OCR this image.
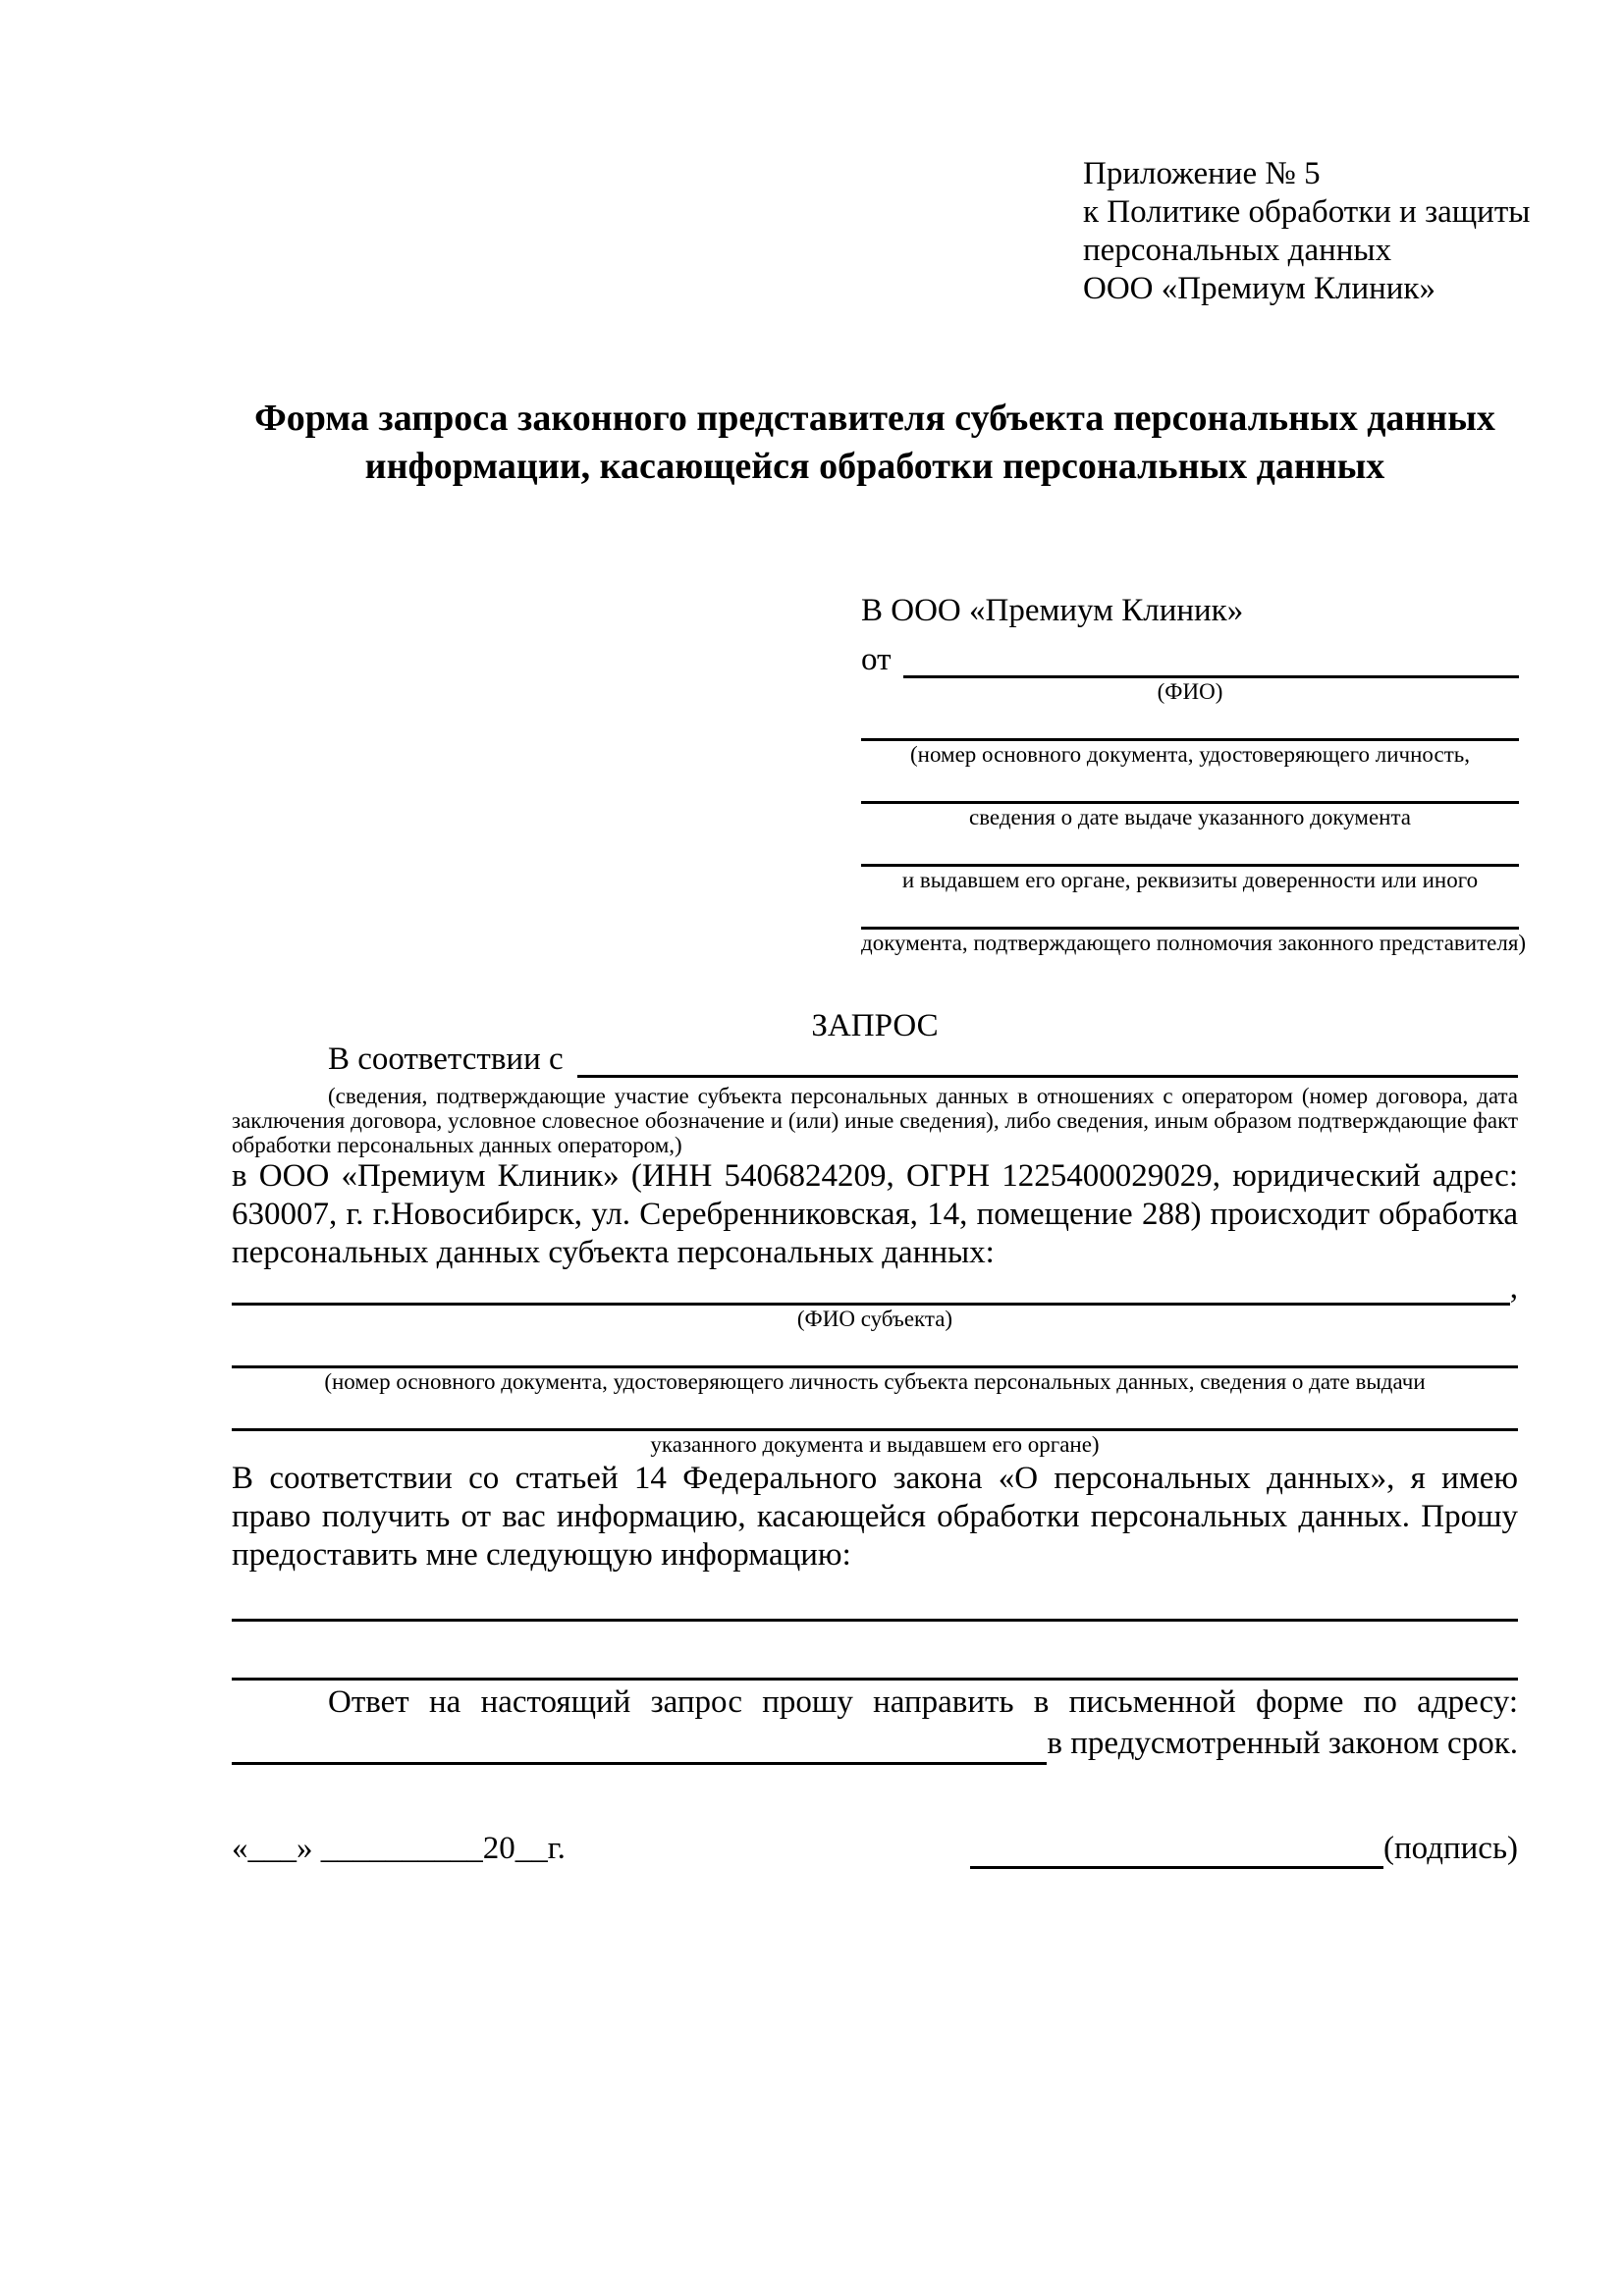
Приложение № 5
к Политике обработки и защиты
персональных данных
ООО «Премиум Клиник»
Форма запроса законного представителя субъекта персональных данных
информации, касающейся обработки персональных данных
В ООО «Премиум Клиник»
от
(ФИО)
(номер основного документа, удостоверяющего личность,
сведения о дате выдаче указанного документа
и выдавшем его органе, реквизиты доверенности или иного
документа, подтверждающего полномочия законного представителя)
ЗАПРОС
В соответствии с
(сведения, подтверждающие участие субъекта персональных данных в отношениях с оператором (номер договора, дата заключения договора, условное словесное обозначение и (или) иные сведения), либо сведения, иным образом подтверждающие факт обработки персональных данных оператором,)
в ООО «Премиум Клиник» (ИНН 5406824209, ОГРН 1225400029029, юридический адрес: 630007, г. г.Новосибирск, ул. Серебренниковская, 14, помещение 288) происходит обработка персональных данных субъекта персональных данных:
,
(ФИО субъекта)
(номер основного документа, удостоверяющего личность субъекта персональных данных, сведения о дате выдачи
указанного документа и выдавшем его органе)
В соответствии со статьей 14 Федерального закона «О персональных данных», я имею право получить от вас информацию, касающейся обработки персональных данных. Прошу предоставить мне следующую информацию:
Ответ на настоящий запрос прошу направить в письменной форме по адресу:
в предусмотренный законом срок.
«___» __________20__г.	(подпись)
